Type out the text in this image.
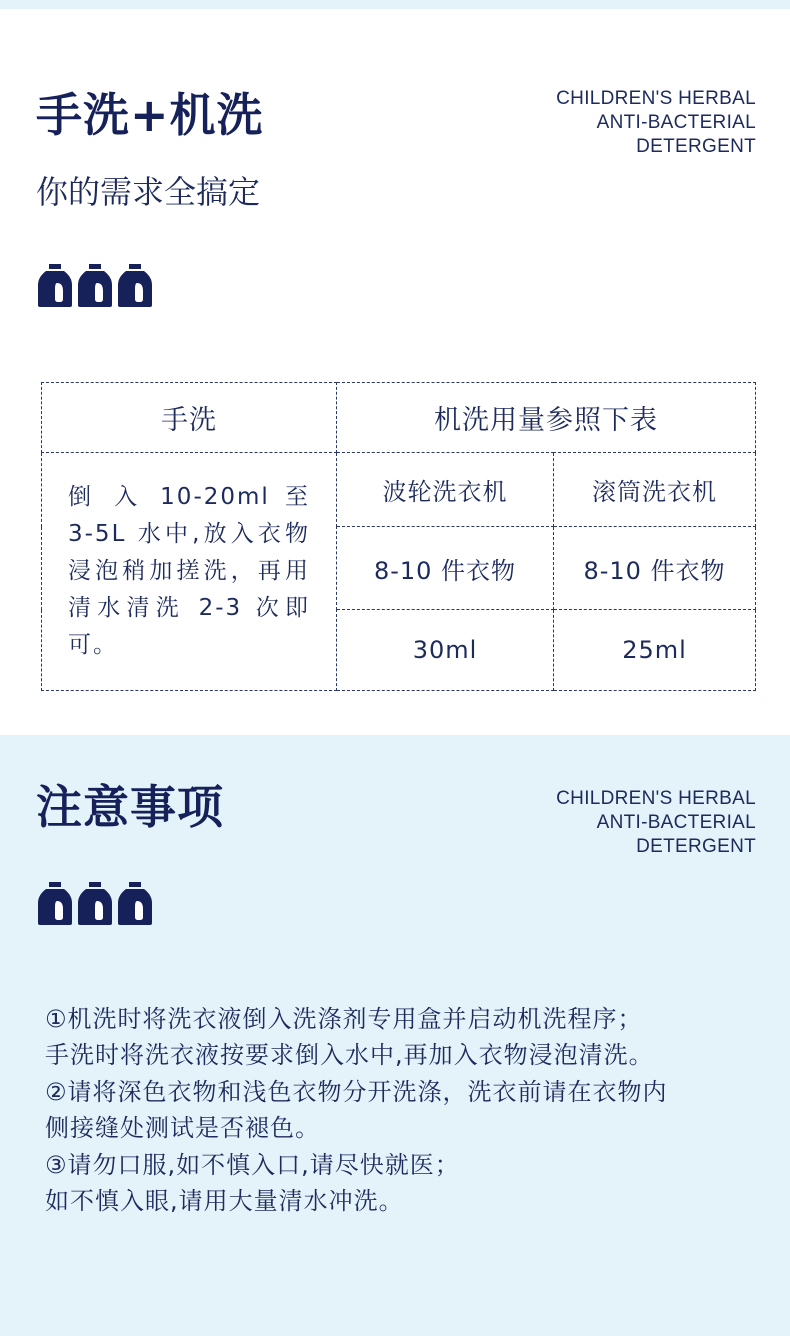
手洗+机洗	CHILDREN'S HERBAL
ANTI-BACTERIAL
DETERGENT
你的需求全搞定
手洗	机洗用量参照下表	
倒 入 10-20ml 至 3-5L 水中,放入衣物浸泡稍加搓洗，再用清水清洗 2-3 次即可。	波轮洗衣机	滚筒洗衣机
	8-10 件衣物	8-10 件衣物
	30ml	25ml
注意事项	CHILDREN'S HERBAL
ANTI-BACTERIAL
DETERGENT
①机洗时将洗衣液倒入洗涤剂专用盒并启动机洗程序；
手洗时将洗衣液按要求倒入水中,再加入衣物浸泡清洗。
②请将深色衣物和浅色衣物分开洗涤，洗衣前请在衣物内
侧接缝处测试是否褪色。
③请勿口服,如不慎入口,请尽快就医；
如不慎入眼,请用大量清水冲洗。
